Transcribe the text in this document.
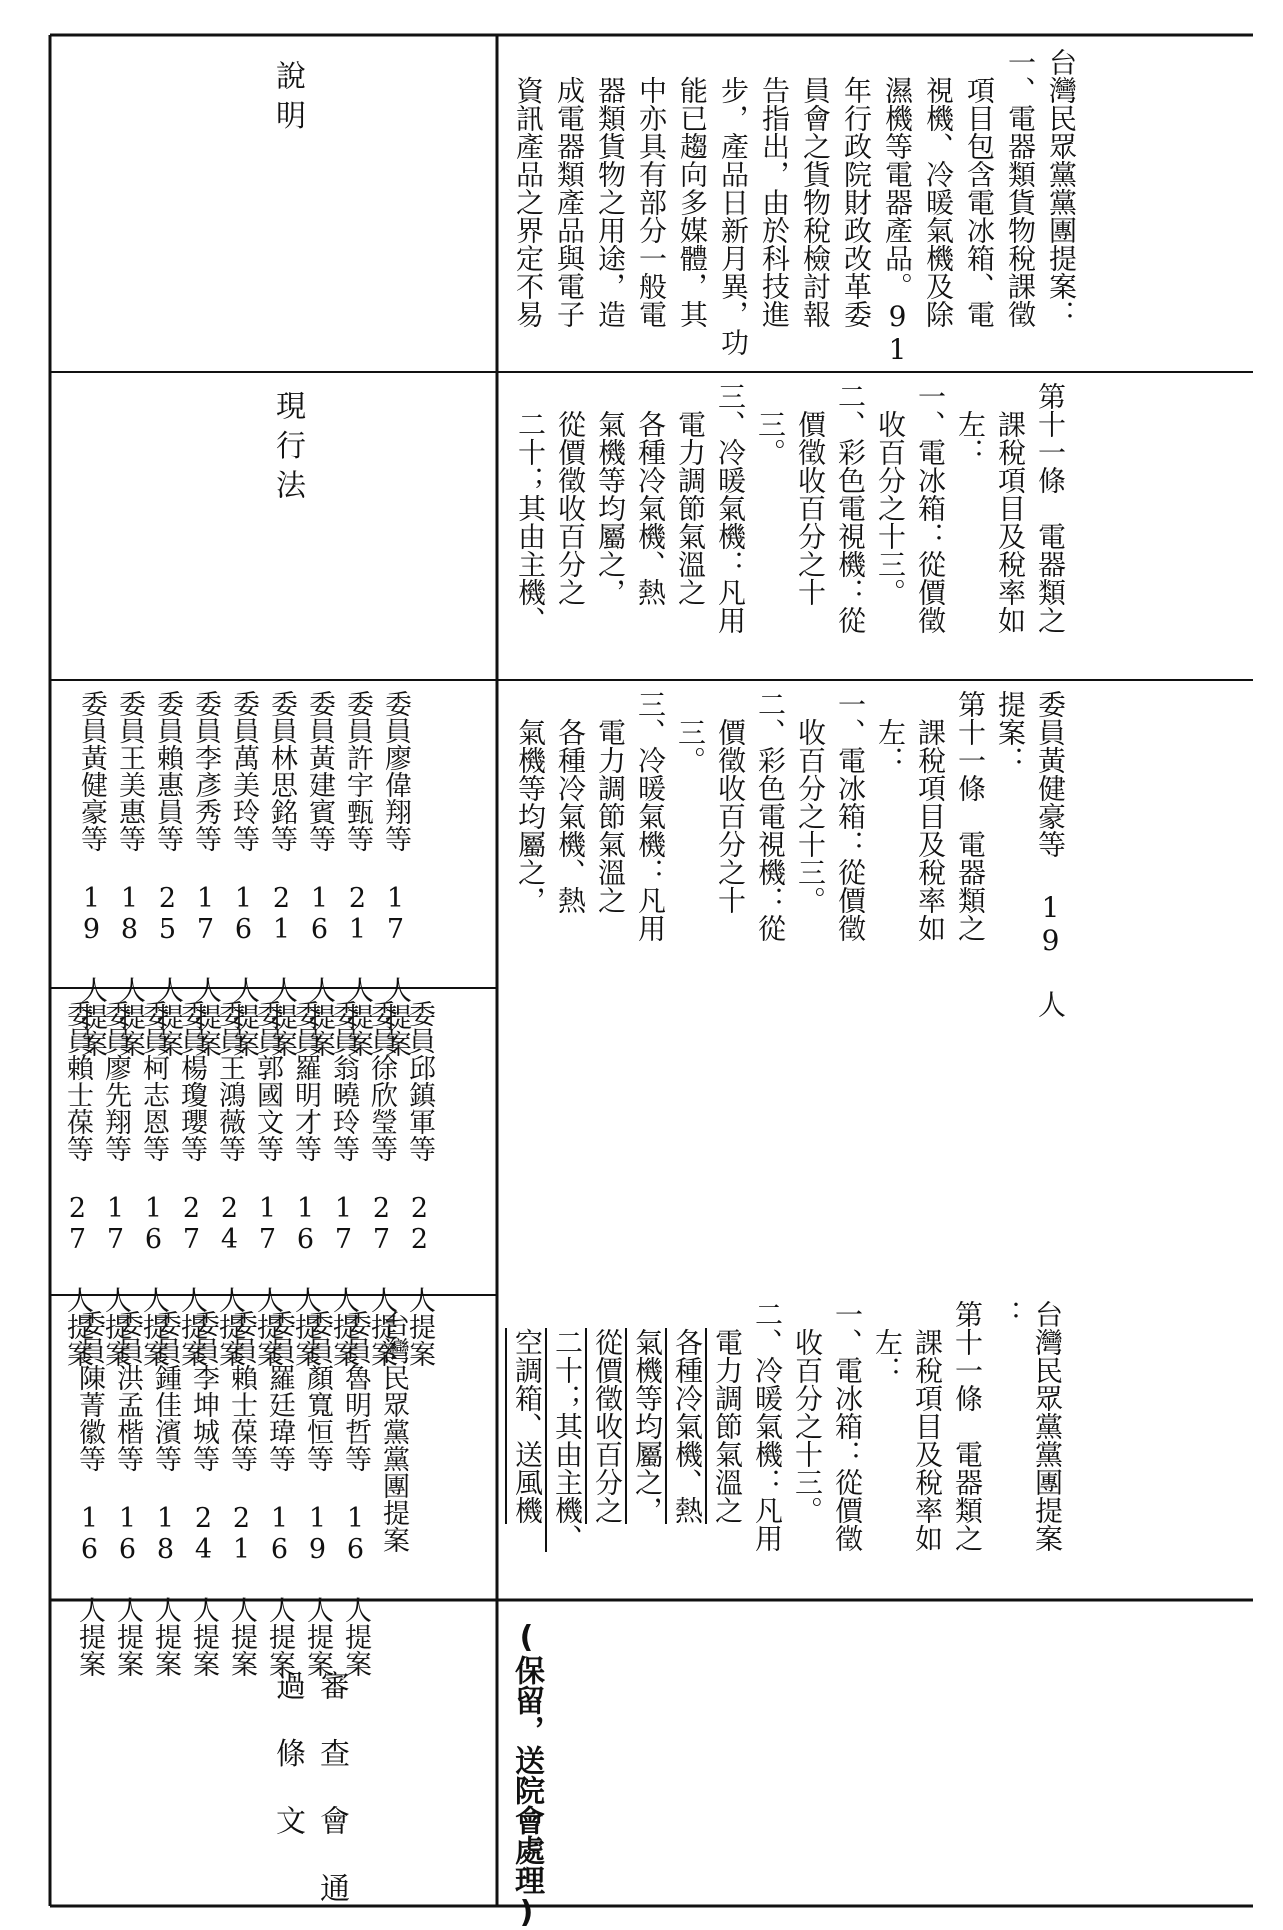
審 查 會 通 過 條 文
現 行 法
說 明
台灣民眾黨黨團提案
委員魯明哲等 16 人提案
委員顏寬恒等 19 人提案
委員羅廷瑋等 16 人提案
委員賴士葆等 21 人提案
委員李坤城等 24 人提案
委員鍾佳濱等 18 人提案
委員洪孟楷等 16 人提案
委員陳菁徽等 16 人提案
委員邱鎮軍等 22 人提案
委員徐欣瑩等 27 人提案
委員翁曉玲等 17 人提案
委員羅明才等 16 人提案
委員郭國文等 17 人提案
委員王鴻薇等 24 人提案
委員楊瓊瓔等 27 人提案
委員柯志恩等 16 人提案
委員廖先翔等 17 人提案
委員賴士葆等 27 人提案
委員廖偉翔等 17 人提案
委員許宇甄等 21 人提案
委員黃建賓等 16 人提案
委員林思銘等 21 人提案
委員萬美玲等 16 人提案
委員李彥秀等 17 人提案
委員賴惠員等 25 人提案
委員王美惠等 18 人提案
委員黃健豪等 19 人提案
(保留，送院會處理)
台灣民眾黨黨團提案
：
第十一條　電器類之
課稅項目及稅率如
左：
一、電冰箱：從價徵
收百分之十三。
二、冷暖氣機：凡用
電力調節氣溫之
各種冷氣機、熱
氣機等均屬之，
從價徵收百分之
二十；其由主機、
空調箱、送風機
委員黃健豪等 19 人
提案：
第十一條　電器類之
課稅項目及稅率如
左：
一、電冰箱：從價徵
收百分之十三。
二、彩色電視機：從
價徵收百分之十
三。
三、冷暖氣機：凡用
電力調節氣溫之
各種冷氣機、熱
氣機等均屬之，
第十一條　電器類之
課稅項目及稅率如
左：
一、電冰箱：從價徵
收百分之十三。
二、彩色電視機：從
價徵收百分之十
三。
三、冷暖氣機：凡用
電力調節氣溫之
各種冷氣機、熱
氣機等均屬之，
從價徵收百分之
二十；其由主機、
台灣民眾黨黨團提案：
一、電器類貨物稅課徵
項目包含電冰箱、電
視機、冷暖氣機及除
濕機等電器產品。91
年行政院財政改革委
員會之貨物稅檢討報
告指出，由於科技進
步，產品日新月異，功
能已趨向多媒體，其
中亦具有部分一般電
器類貨物之用途，造
成電器類產品與電子
資訊產品之界定不易
